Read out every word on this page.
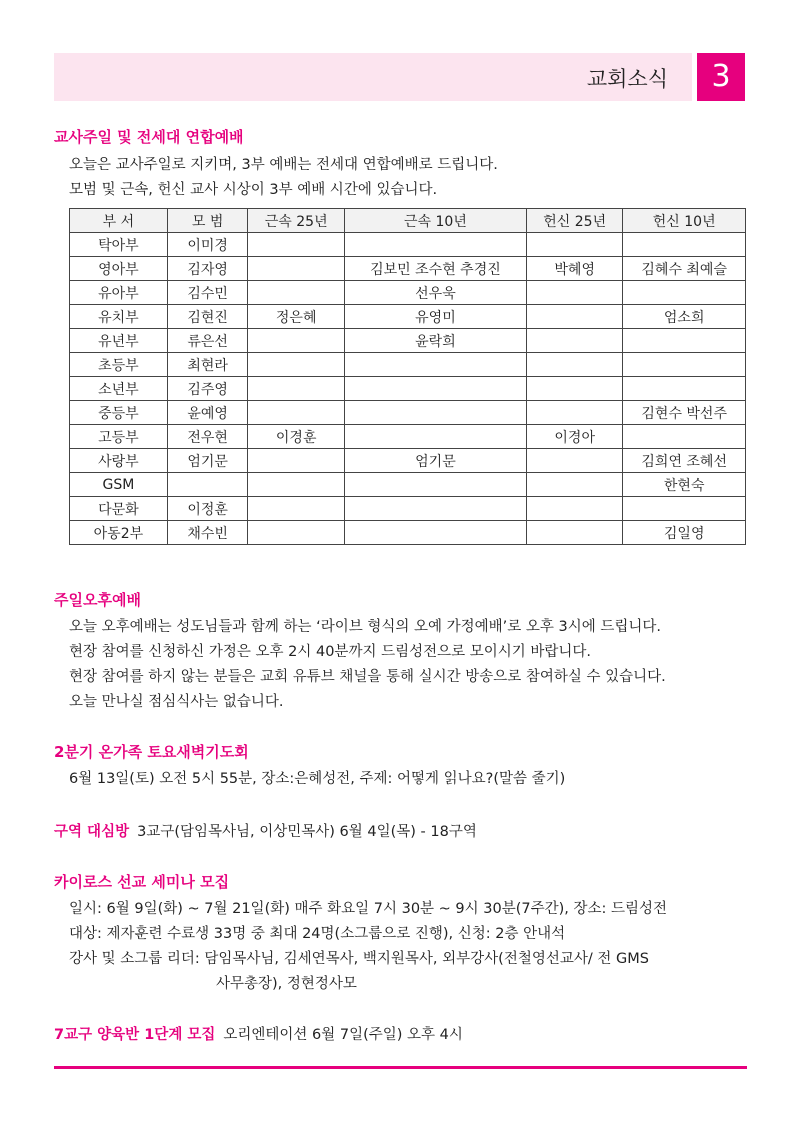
교회소식	3
교사주일 및 전세대 연합예배
오늘은 교사주일로 지키며, 3부 예배는 전세대 연합예배로 드립니다.
모범 및 근속, 헌신 교사 시상이 3부 예배 시간에 있습니다.
부 서	모 범	근속 25년	근속 10년	헌신 25년	헌신 10년
탁아부	이미경				
영아부	김자영		김보민 조수현 추경진	박혜영	김혜수 최예슬
유아부	김수민		선우욱		
유치부	김현진	정은혜	유영미		엄소희
유년부	류은선		윤락희		
초등부	최현라				
소년부	김주영				
중등부	윤예영				김현수 박선주
고등부	전우현	이경훈		이경아	
사랑부	엄기문		엄기문		김희연 조혜선
GSM					한현숙
다문화	이정훈				
아동2부	채수빈				김일영
주일오후예배
오늘 오후예배는 성도님들과 함께 하는 ‘라이브 형식의 오예 가정예배’로 오후 3시에 드립니다.
현장 참여를 신청하신 가정은 오후 2시 40분까지 드림성전으로 모이시기 바랍니다.
현장 참여를 하지 않는 분들은 교회 유튜브 채널을 통해 실시간 방송으로 참여하실 수 있습니다.
오늘 만나실 점심식사는 없습니다.
2분기 온가족 토요새벽기도회
6월 13일(토) 오전 5시 55분, 장소:은혜성전, 주제: 어떻게 읽나요?(말씀 줄기)
구역 대심방 3교구(담임목사님, 이상민목사) 6월 4일(목) - 18구역
카이로스 선교 세미나 모집
일시: 6월 9일(화) ~ 7월 21일(화) 매주 화요일 7시 30분 ~ 9시 30분(7주간), 장소: 드림성전
대상: 제자훈련 수료생 33명 중 최대 24명(소그룹으로 진행), 신청: 2층 안내석
강사 및 소그룹 리더: 담임목사님, 김세연목사, 백지원목사, 외부강사(전철영선교사/ 전 GMS
사무총장), 정현정사모
7교구 양육반 1단계 모집 오리엔테이션 6월 7일(주일) 오후 4시
